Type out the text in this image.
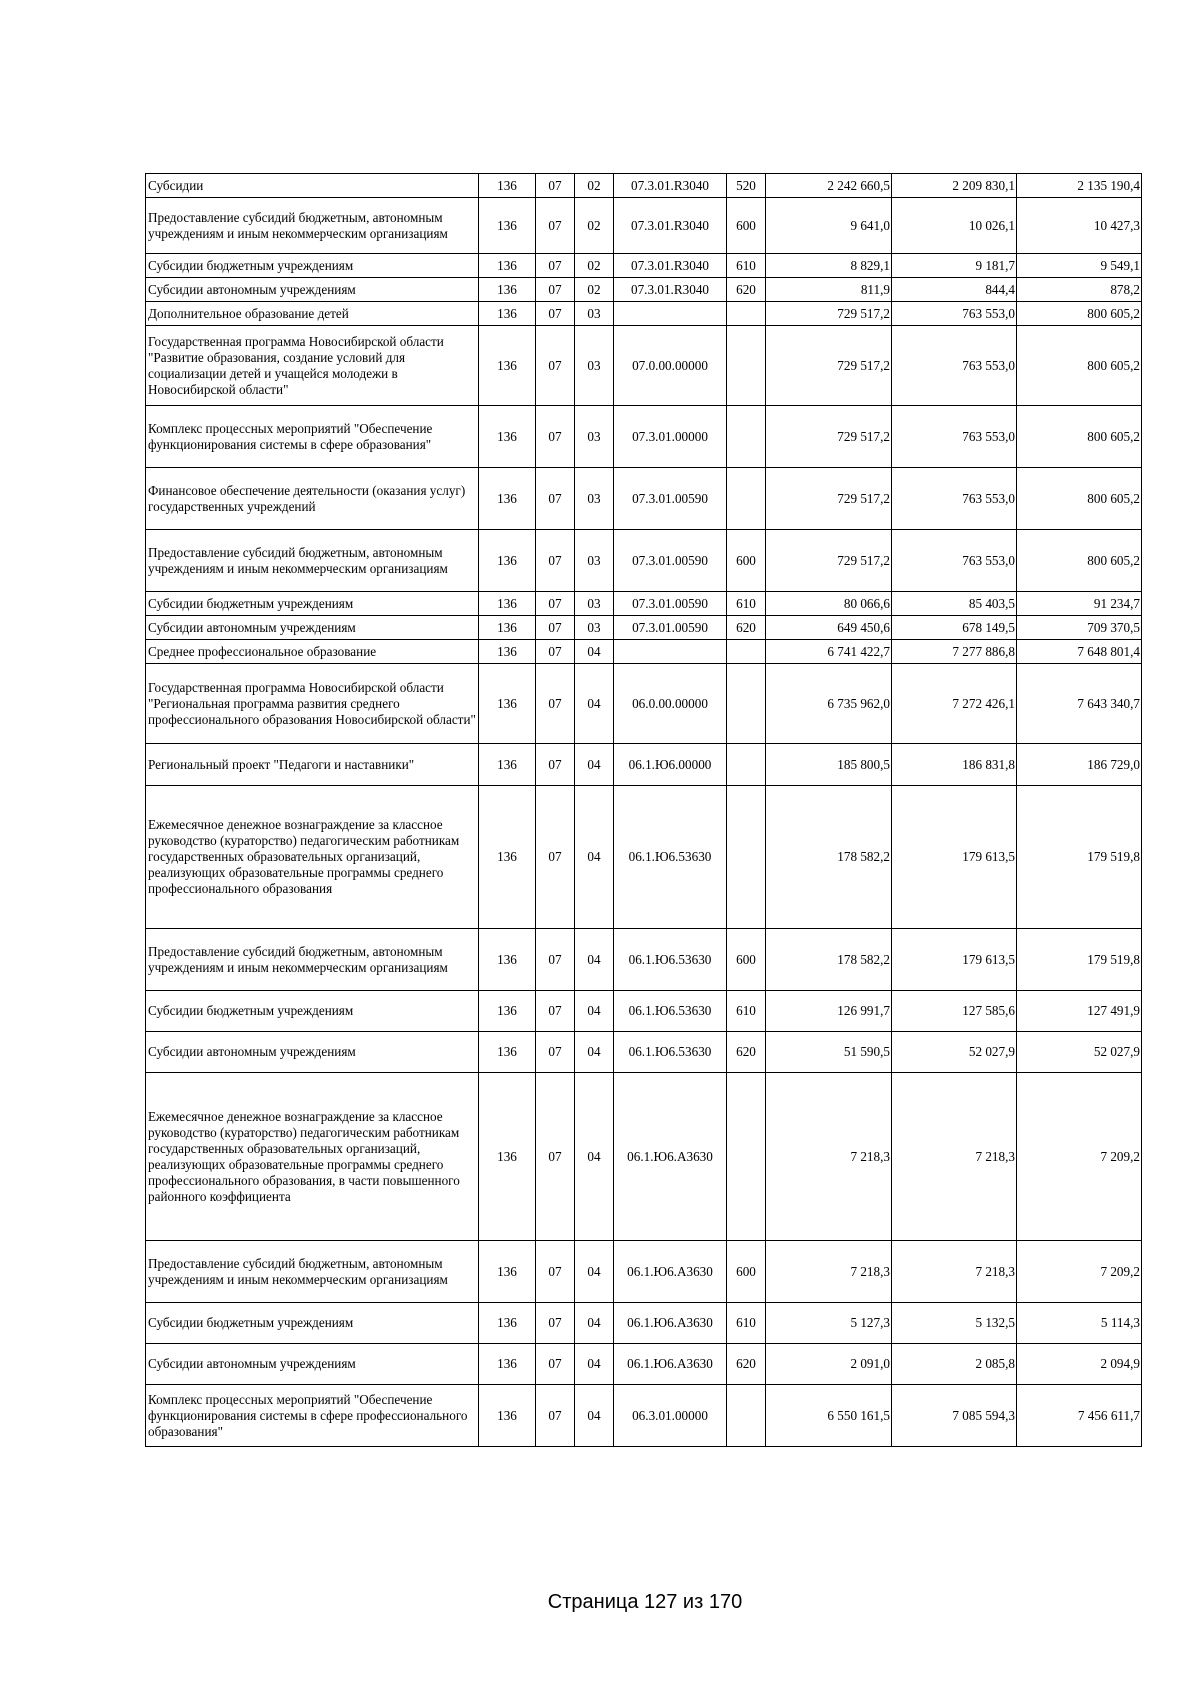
Субсидии	136	07	02	07.3.01.R3040	520	2 242 660,5	2 209 830,1	2 135 190,4
Предоставление субсидий бюджетным, автономным учреждениям и иным некоммерческим организациям	136	07	02	07.3.01.R3040	600	9 641,0	10 026,1	10 427,3
Субсидии бюджетным учреждениям	136	07	02	07.3.01.R3040	610	8 829,1	9 181,7	9 549,1
Субсидии автономным учреждениям	136	07	02	07.3.01.R3040	620	811,9	844,4	878,2
Дополнительное образование детей	136	07	03			729 517,2	763 553,0	800 605,2
Государственная программа Новосибирской области "Развитие образования, создание условий для социализации детей и учащейся молодежи в Новосибирской области"	136	07	03	07.0.00.00000		729 517,2	763 553,0	800 605,2
Комплекс процессных мероприятий "Обеспечение функционирования системы в сфере образования"	136	07	03	07.3.01.00000		729 517,2	763 553,0	800 605,2
Финансовое обеспечение деятельности (оказания услуг) государственных учреждений	136	07	03	07.3.01.00590		729 517,2	763 553,0	800 605,2
Предоставление субсидий бюджетным, автономным учреждениям и иным некоммерческим организациям	136	07	03	07.3.01.00590	600	729 517,2	763 553,0	800 605,2
Субсидии бюджетным учреждениям	136	07	03	07.3.01.00590	610	80 066,6	85 403,5	91 234,7
Субсидии автономным учреждениям	136	07	03	07.3.01.00590	620	649 450,6	678 149,5	709 370,5
Среднее профессиональное образование	136	07	04			6 741 422,7	7 277 886,8	7 648 801,4
Государственная программа Новосибирской области "Региональная программа развития среднего профессионального образования Новосибирской области"	136	07	04	06.0.00.00000		6 735 962,0	7 272 426,1	7 643 340,7
Региональный проект "Педагоги и наставники"	136	07	04	06.1.Ю6.00000		185 800,5	186 831,8	186 729,0
Ежемесячное денежное вознаграждение за классное руководство (кураторство) педагогическим работникам государственных образовательных организаций, реализующих образовательные программы среднего профессионального образования	136	07	04	06.1.Ю6.53630		178 582,2	179 613,5	179 519,8
Предоставление субсидий бюджетным, автономным учреждениям и иным некоммерческим организациям	136	07	04	06.1.Ю6.53630	600	178 582,2	179 613,5	179 519,8
Субсидии бюджетным учреждениям	136	07	04	06.1.Ю6.53630	610	126 991,7	127 585,6	127 491,9
Субсидии автономным учреждениям	136	07	04	06.1.Ю6.53630	620	51 590,5	52 027,9	52 027,9
Ежемесячное денежное вознаграждение за классное руководство (кураторство) педагогическим работникам государственных образовательных организаций, реализующих образовательные программы среднего профессионального образования, в части повышенного районного коэффициента	136	07	04	06.1.Ю6.А3630		7 218,3	7 218,3	7 209,2
Предоставление субсидий бюджетным, автономным учреждениям и иным некоммерческим организациям	136	07	04	06.1.Ю6.А3630	600	7 218,3	7 218,3	7 209,2
Субсидии бюджетным учреждениям	136	07	04	06.1.Ю6.А3630	610	5 127,3	5 132,5	5 114,3
Субсидии автономным учреждениям	136	07	04	06.1.Ю6.А3630	620	2 091,0	2 085,8	2 094,9
Комплекс процессных мероприятий "Обеспечение функционирования системы в сфере профессионального образования"	136	07	04	06.3.01.00000		6 550 161,5	7 085 594,3	7 456 611,7
Страница 127 из 170
